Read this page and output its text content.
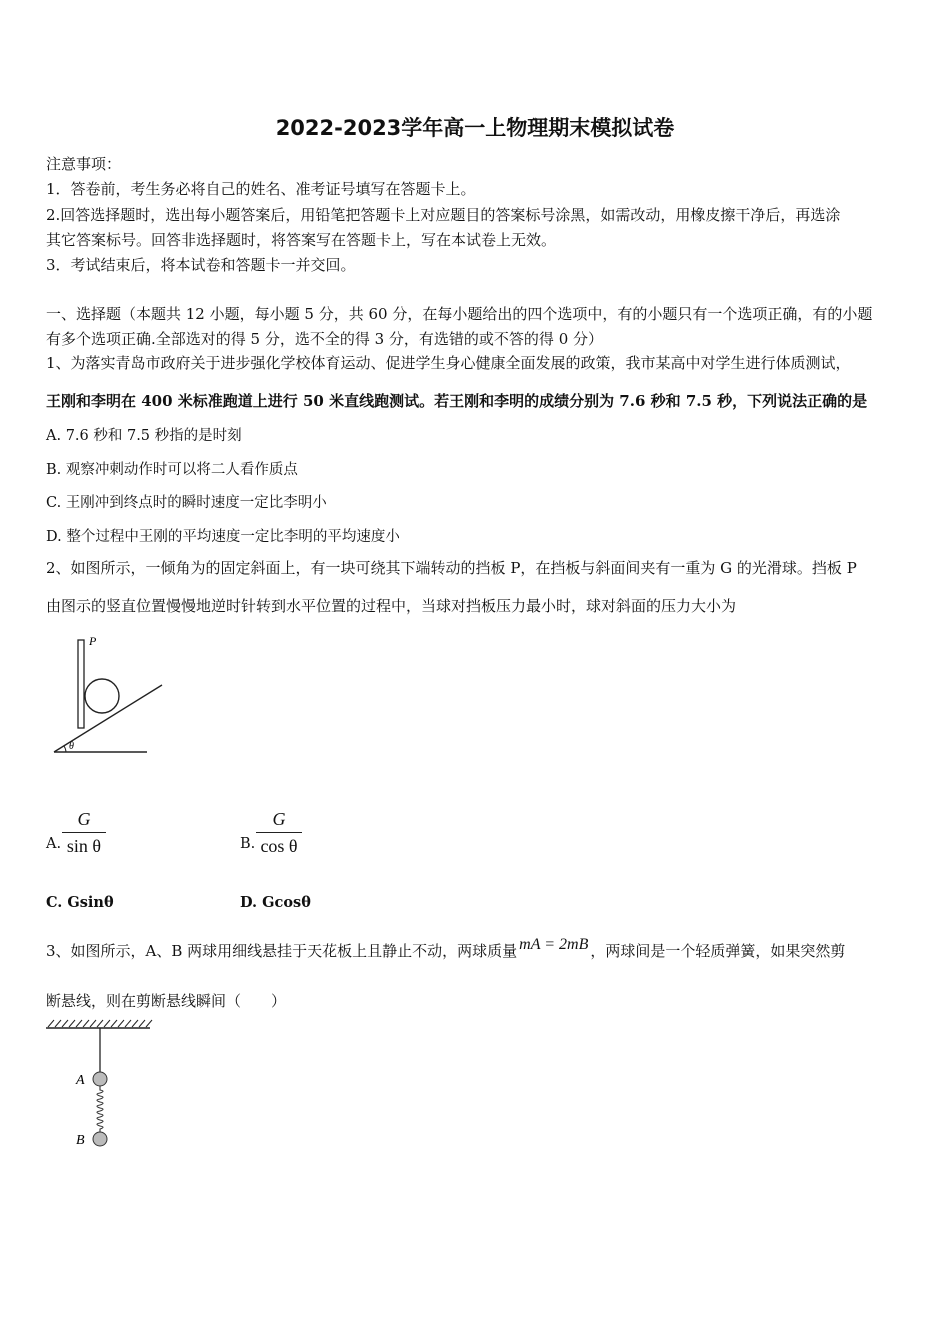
2022-2023学年高一上物理期末模拟试卷
注意事项：
1．答卷前，考生务必将自己的姓名、准考证号填写在答题卡上。
2.回答选择题时，选出每小题答案后，用铅笔把答题卡上对应题目的答案标号涂黑，如需改动，用橡皮擦干净后，再选涂
其它答案标号。回答非选择题时，将答案写在答题卡上，写在本试卷上无效。
3．考试结束后，将本试卷和答题卡一并交回。
一、选择题（本题共 12 小题，每小题 5 分，共 60 分，在每小题给出的四个选项中，有的小题只有一个选项正确，有的小题
有多个选项正确.全部选对的得 5 分，选不全的得 3 分，有选错的或不答的得 0 分）
1、为落实青岛市政府关于进步强化学校体育运动、促进学生身心健康全面发展的政策，我市某高中对学生进行体质测试，
王刚和李明在 400 米标准跑道上进行 50 米直线跑测试。若王刚和李明的成绩分别为 7.6 秒和 7.5 秒，下列说法正确的是
A. 7.6 秒和 7.5 秒指的是时刻
B. 观察冲刺动作时可以将二人看作质点
C. 王刚冲到终点时的瞬时速度一定比李明小
D. 整个过程中王刚的平均速度一定比李明的平均速度小
2、如图所示，一倾角为的固定斜面上，有一块可绕其下端转动的挡板 P，在挡板与斜面间夹有一重为 G 的光滑球。挡板 P
由图示的竖直位置慢慢地逆时针转到水平位置的过程中，当球对挡板压力最小时，球对斜面的压力大小为
P
θ
A.
G
sin θ	B.
G
cos θ
C. Gsinθ	D. Gcosθ
3、如图所示，A、B 两球用细线悬挂于天花板上且静止不动，两球质量 mA = 2mB ，两球间是一个轻质弹簧，如果突然剪
断悬线，则在剪断悬线瞬间（　　）
A
B
